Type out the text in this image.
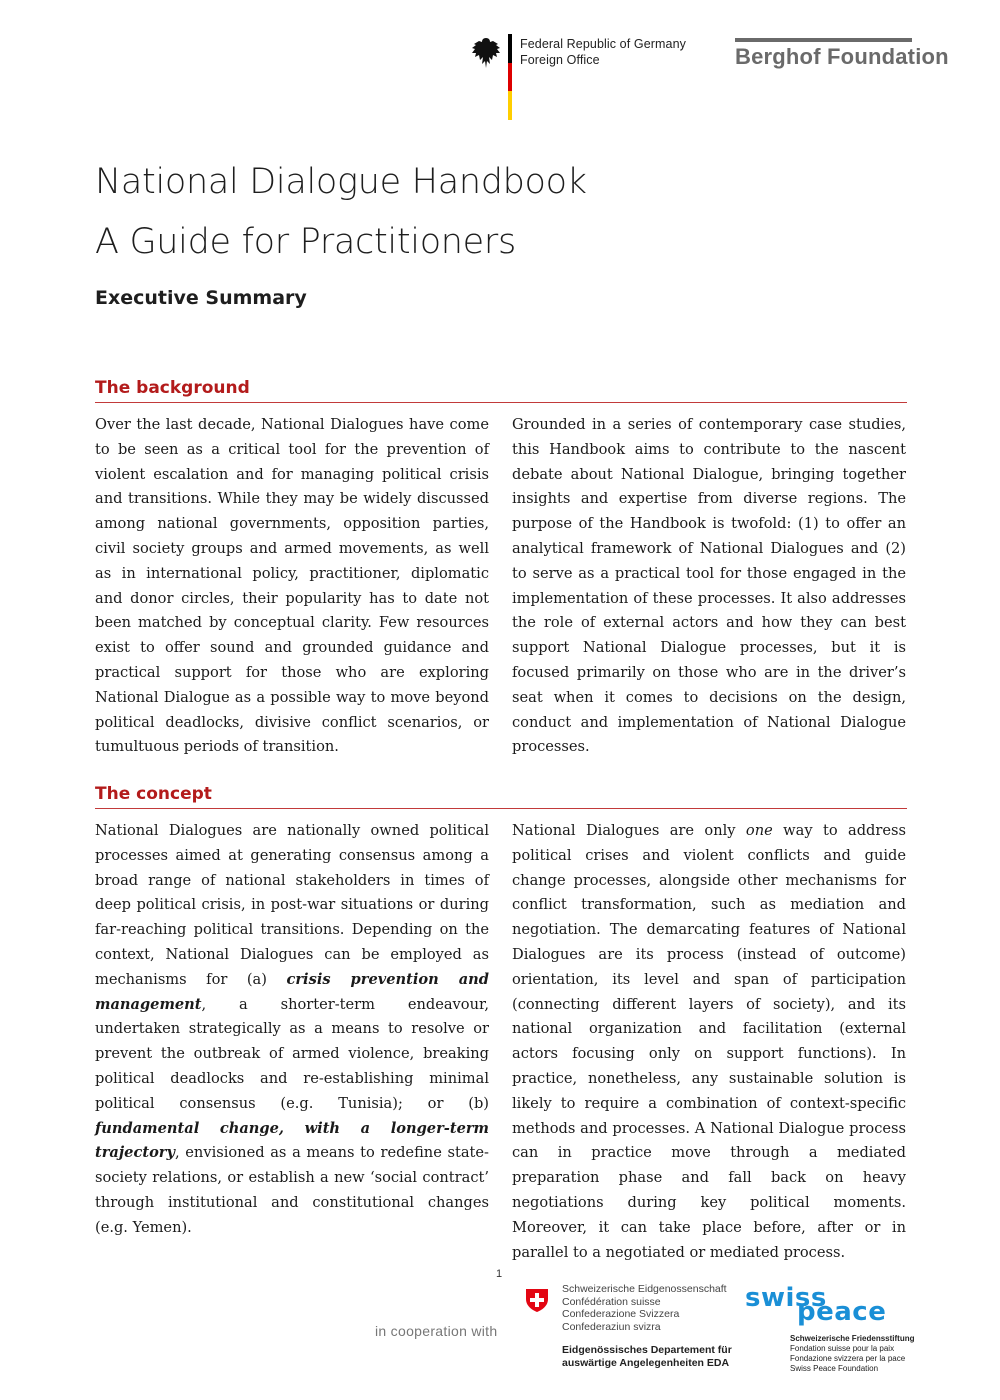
Federal Republic of Germany
Foreign Office	Berghof Foundation
National Dialogue Handbook
A Guide for Practitioners
Executive Summary
The background

Over the last decade, National Dialogues have come to be seen as a critical tool for the prevention of violent escalation and for managing political crisis and transitions. While they may be widely discussed among national governments, opposition parties, civil society groups and armed movements, as well as in international policy, practitioner, diplomatic and donor circles, their popularity has to date not been matched by conceptual clarity. Few resources exist to offer sound and grounded guidance and practical support for those who are exploring National Dialogue as a possible way to move beyond political deadlocks, divisive conflict scenarios, or tumultuous periods of transition.

Grounded in a series of contemporary case studies, this Handbook aims to contribute to the nascent debate about National Dialogue, bringing together insights and expertise from diverse regions. The purpose of the Handbook is twofold: (1) to offer an analytical framework of National Dialogues and (2) to serve as a practical tool for those engaged in the implementation of these processes. It also addresses the role of external actors and how they can best support National Dialogue processes, but it is focused primarily on those who are in the driver’s seat when it comes to decisions on the design, conduct and implementation of National Dialogue processes.

The concept

National Dialogues are nationally owned political processes aimed at generating consensus among a broad range of national stakeholders in times of deep political crisis, in post-war situations or during far-reaching political transitions. Depending on the context, National Dialogues can be employed as mechanisms for (a) crisis prevention and management, a shorter-term endeavour, undertaken strategically as a means to resolve or prevent the outbreak of armed violence, breaking political deadlocks and re-establishing minimal political consensus (e.g. Tunisia); or (b) fundamental change, with a longer-term trajectory, envisioned as a means to redefine state-society relations, or establish a new ‘social contract’ through institutional and constitutional changes (e.g. Yemen).

National Dialogues are only one way to address political crises and violent conflicts and guide change processes, alongside other mechanisms for conflict transformation, such as mediation and negotiation. The demarcating features of National Dialogues are its process (instead of outcome) orientation, its level and span of participation (connecting different layers of society), and its national organization and facilitation (external actors focusing only on support functions). In practice, nonetheless, any sustainable solution is likely to require a combination of context-specific methods and processes. A National Dialogue process can in practice move through a mediated preparation phase and fall back on heavy negotiations during key political moments. Moreover, it can take place before, after or in parallel to a negotiated or mediated process.

1
in cooperation with
Schweizerische Eidgenossenschaft
Confédération suisse
Confederazione Svizzera
Confederaziun svizra
Eidgenössisches Departement für
auswärtige Angelegenheiten EDA
swiss
peace
Schweizerische Friedensstiftung
Fondation suisse pour la paix
Fondazione svizzera per la pace
Swiss Peace Foundation
